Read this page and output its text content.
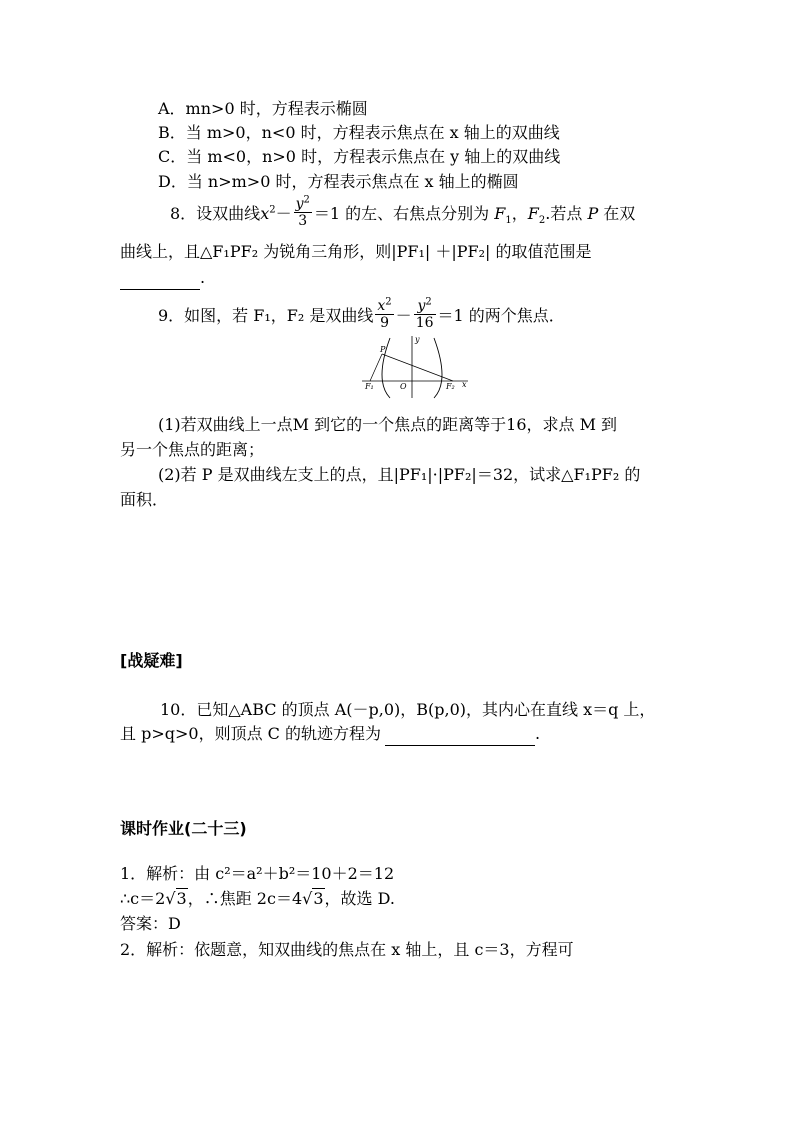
A．mn>0 时，方程表示椭圆
B．当 m>0，n<0 时，方程表示焦点在 x 轴上的双曲线
C．当 m<0，n>0 时，方程表示焦点在 y 轴上的双曲线
D．当 n>m>0 时，方程表示焦点在 x 轴上的椭圆
8．设双曲线$x^2- \frac{y^2}{3} =1$ 的左、右焦点分别为 $F_1$，$F_2$.若点 P 在双
曲线上，且△F₁PF₂ 为锐角三角形，则|PF₁| ＋|PF₂| 的取值范围是
.
9．如图，若 F₁，F₂ 是双曲线 $\frac{x^2}{9} - \frac{y^2}{16} =1$ 的两个焦点．
P
y
F₁	O	F₂ x
(1)若双曲线上一点M 到它的一个焦点的距离等于16，求点 M 到
另一个焦点的距离；
(2)若 P 是双曲线左支上的点，且|PF₁|·|PF₂|＝32，试求△F₁PF₂ 的
面积．
[战疑难]
10．已知△ABC 的顶点 A(－p,0)，B(p,0)，其内心在直线 x＝q 上，
且 p>q>0，则顶点 C 的轨迹方程为	.
课时作业(二十三)
1．解析：由 c²＝a²＋b²＝10＋2＝12
∴c＝2√3，∴焦距 2c＝4√3，故选 D.
答案：D
2．解析：依题意，知双曲线的焦点在 x 轴上，且 c＝3，方程可
